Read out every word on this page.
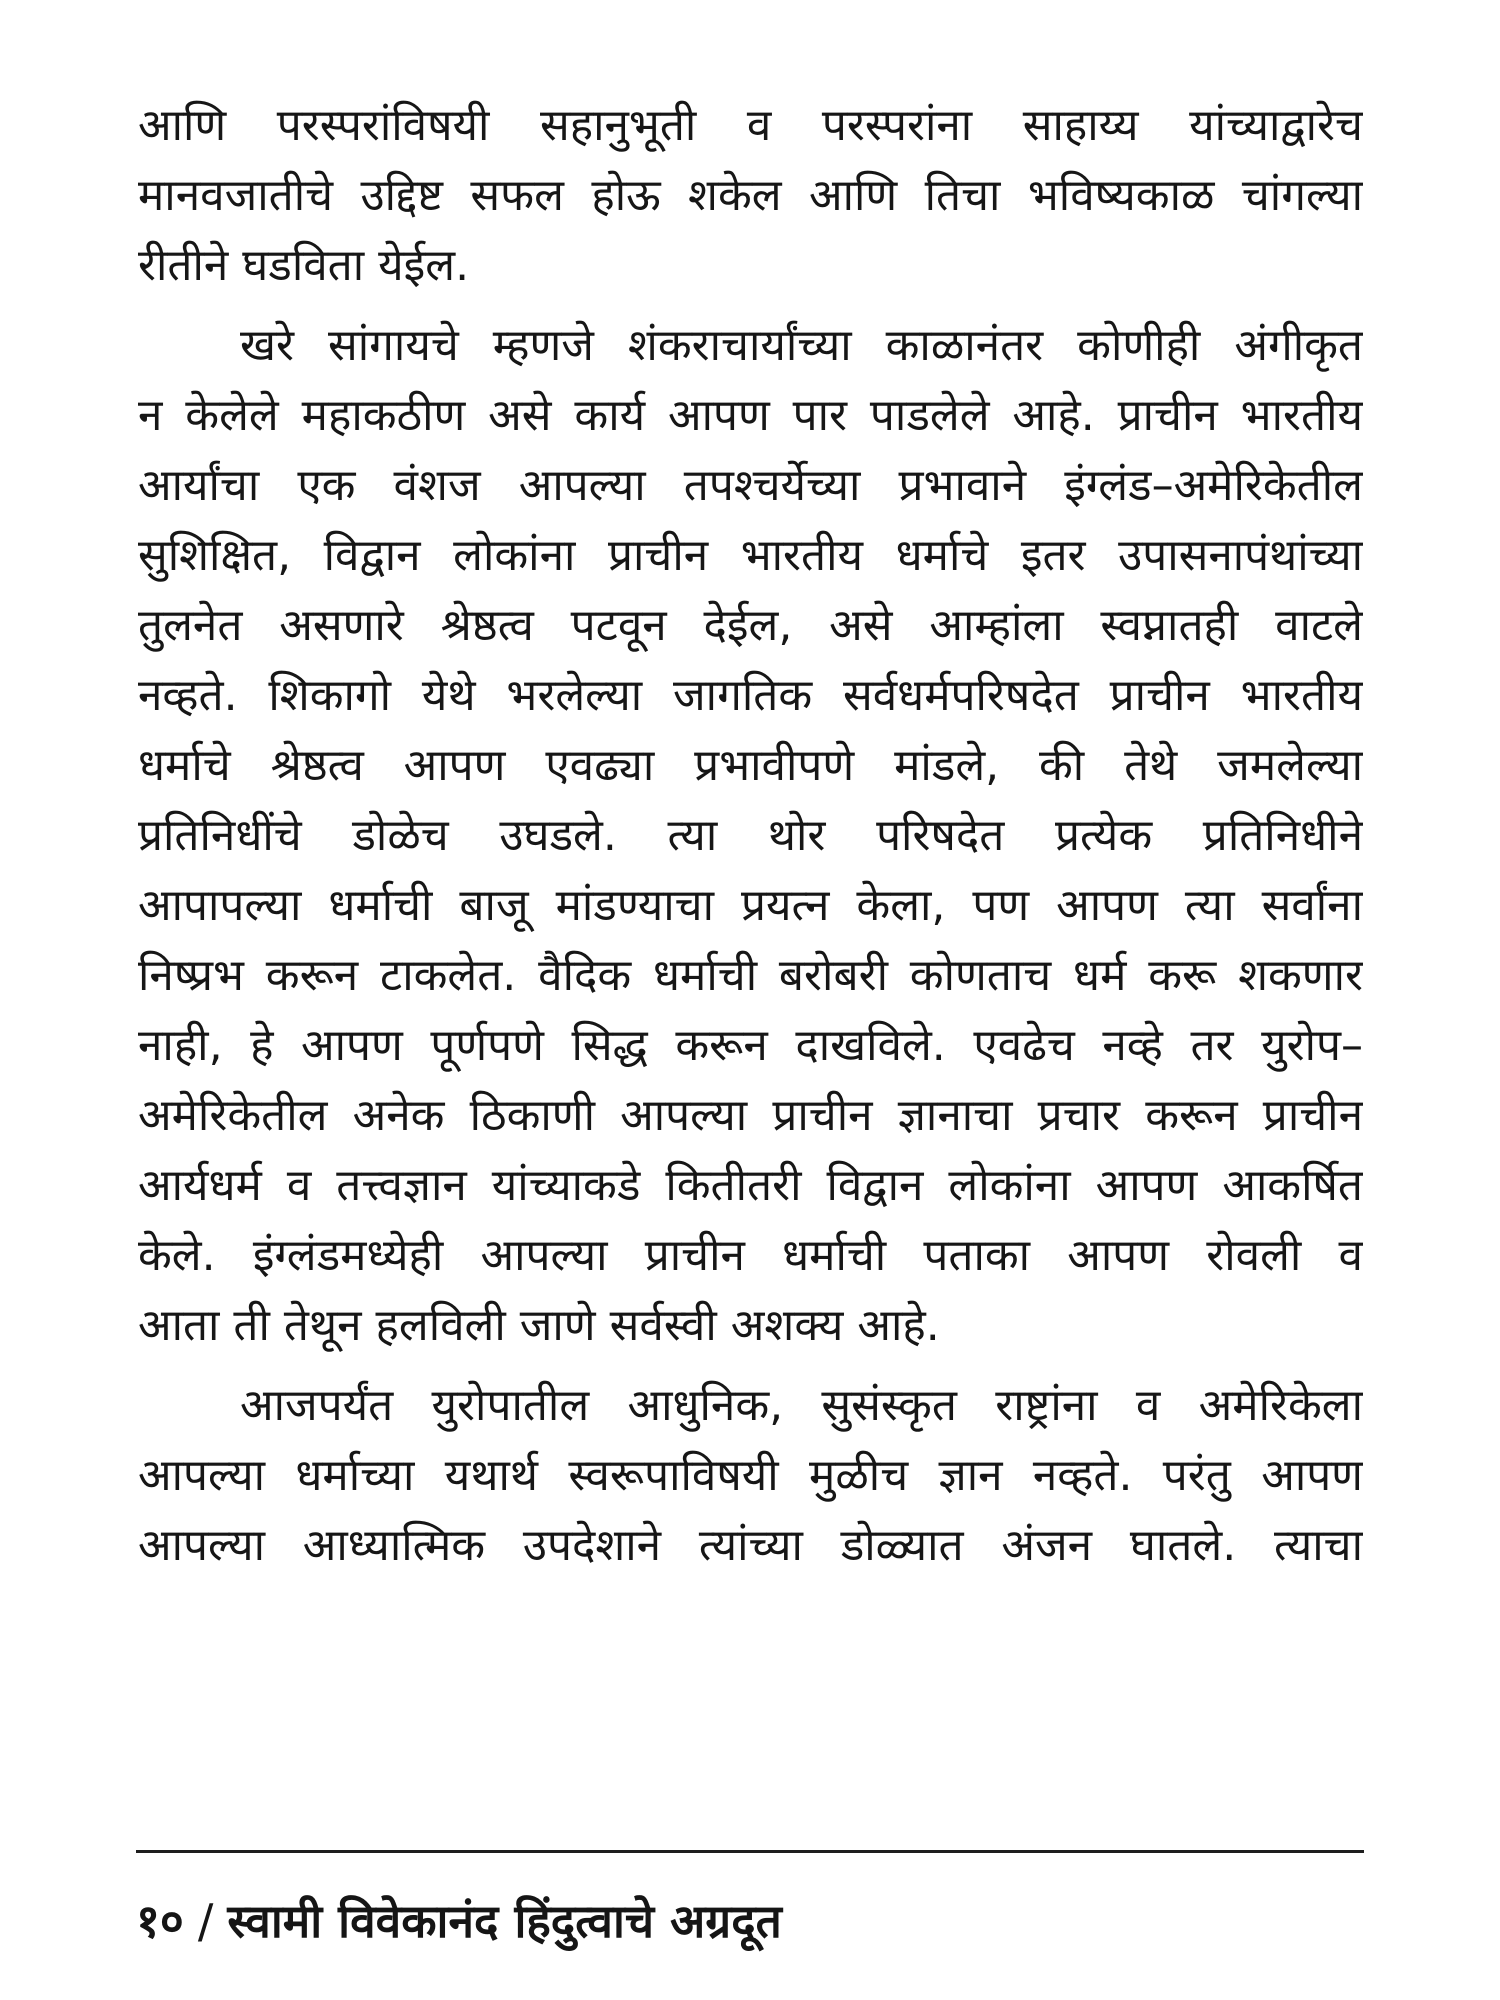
आणि परस्परांविषयी सहानुभूती व परस्परांना साहाय्य यांच्याद्वारेच
मानवजातीचे उद्दिष्ट सफल होऊ शकेल आणि तिचा भविष्यकाळ चांगल्या
रीतीने घडविता येईल.
खरे सांगायचे म्हणजे शंकराचार्यांच्या काळानंतर कोणीही अंगीकृत
न केलेले महाकठीण असे कार्य आपण पार पाडलेले आहे. प्राचीन भारतीय
आर्यांचा एक वंशज आपल्या तपश्चर्येच्या प्रभावाने इंग्लंड–अमेरिकेतील
सुशिक्षित, विद्वान लोकांना प्राचीन भारतीय धर्माचे इतर उपासनापंथांच्या
तुलनेत असणारे श्रेष्ठत्व पटवून देईल, असे आम्हांला स्वप्नातही वाटले
नव्हते. शिकागो येथे भरलेल्या जागतिक सर्वधर्मपरिषदेत प्राचीन भारतीय
धर्माचे श्रेष्ठत्व आपण एवढ्या प्रभावीपणे मांडले, की तेथे जमलेल्या
प्रतिनिधींचे डोळेच उघडले. त्या थोर परिषदेत प्रत्येक प्रतिनिधीने
आपापल्या धर्माची बाजू मांडण्याचा प्रयत्न केला, पण आपण त्या सर्वांना
निष्प्रभ करून टाकलेत. वैदिक धर्माची बरोबरी कोणताच धर्म करू शकणार
नाही, हे आपण पूर्णपणे सिद्ध करून दाखविले. एवढेच नव्हे तर युरोप–
अमेरिकेतील अनेक ठिकाणी आपल्या प्राचीन ज्ञानाचा प्रचार करून प्राचीन
आर्यधर्म व तत्त्वज्ञान यांच्याकडे कितीतरी विद्वान लोकांना आपण आकर्षित
केले. इंग्लंडमध्येही आपल्या प्राचीन धर्माची पताका आपण रोवली व
आता ती तेथून हलविली जाणे सर्वस्वी अशक्य आहे.
आजपर्यंत युरोपातील आधुनिक, सुसंस्कृत राष्ट्रांना व अमेरिकेला
आपल्या धर्माच्या यथार्थ स्वरूपाविषयी मुळीच ज्ञान नव्हते. परंतु आपण
आपल्या आध्यात्मिक उपदेशाने त्यांच्या डोळ्यात अंजन घातले. त्याचा
१० / स्वामी विवेकानंद हिंदुत्वाचे अग्रदूत
